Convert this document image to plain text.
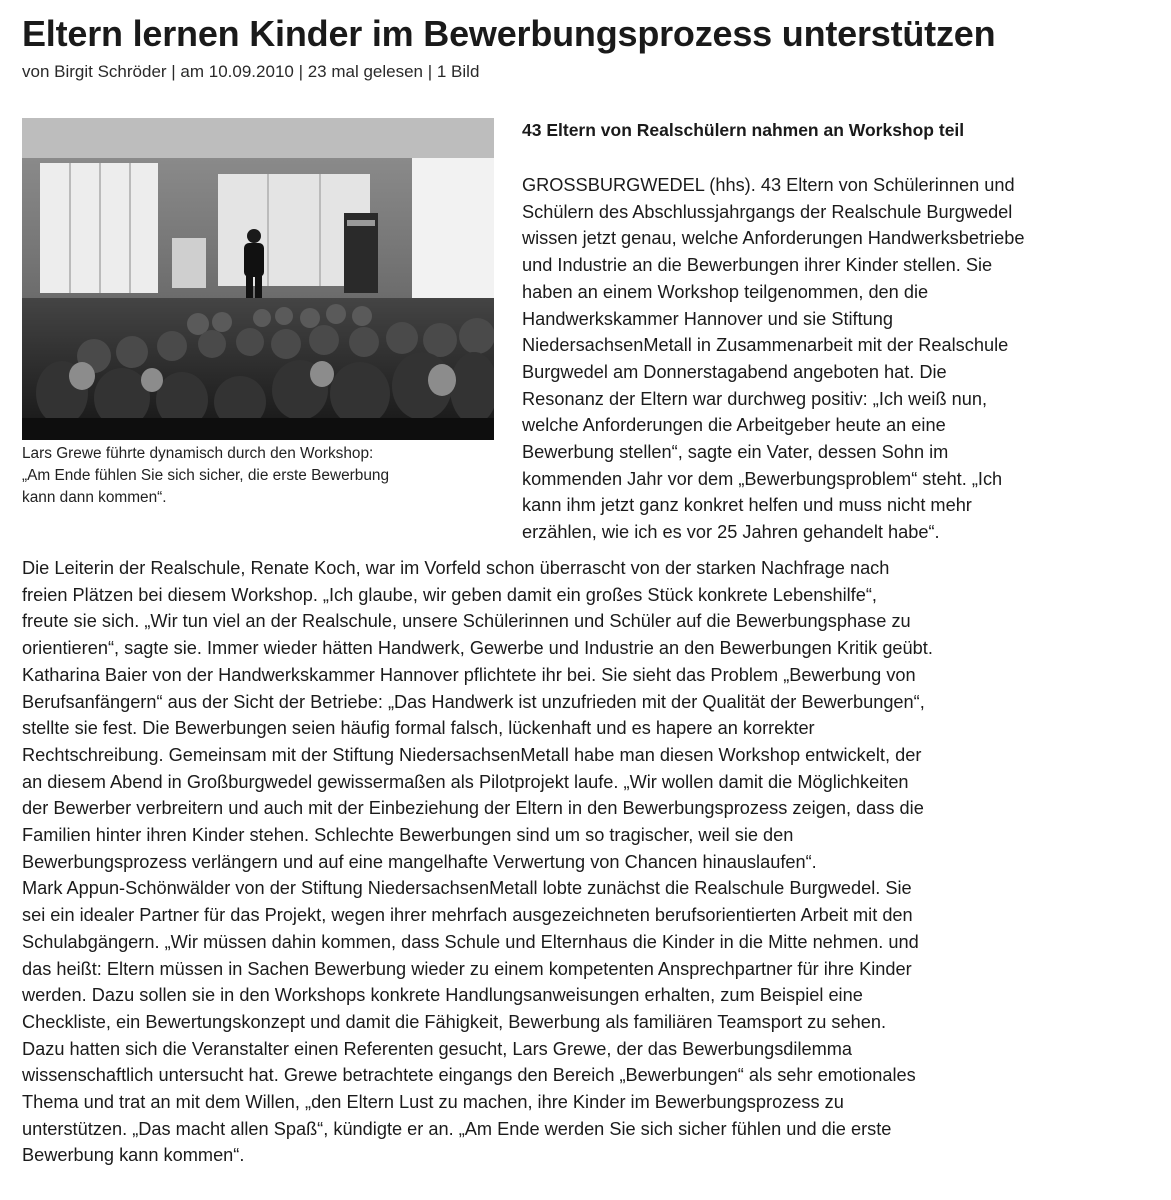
Eltern lernen Kinder im Bewerbungsprozess unterstützen
von Birgit Schröder | am 10.09.2010 | 23 mal gelesen | 1 Bild
Lars Grewe führte dynamisch durch den Workshop:
„Am Ende fühlen Sie sich sicher, die erste Bewerbung
kann dann kommen“.
43 Eltern von Realschülern nahmen an Workshop teil
GROSSBURGWEDEL (hhs). 43 Eltern von Schülerinnen und
Schülern des Abschlussjahrgangs der Realschule Burgwedel
wissen jetzt genau, welche Anforderungen Handwerksbetriebe
und Industrie an die Bewerbungen ihrer Kinder stellen. Sie
haben an einem Workshop teilgenommen, den die
Handwerkskammer Hannover und sie Stiftung
NiedersachsenMetall in Zusammenarbeit mit der Realschule
Burgwedel am Donnerstagabend angeboten hat. Die
Resonanz der Eltern war durchweg positiv: „Ich weiß nun,
welche Anforderungen die Arbeitgeber heute an eine
Bewerbung stellen“, sagte ein Vater, dessen Sohn im
kommenden Jahr vor dem „Bewerbungsproblem“ steht. „Ich
kann ihm jetzt ganz konkret helfen und muss nicht mehr
erzählen, wie ich es vor 25 Jahren gehandelt habe“.
Die Leiterin der Realschule, Renate Koch, war im Vorfeld schon überrascht von der starken Nachfrage nach
freien Plätzen bei diesem Workshop. „Ich glaube, wir geben damit ein großes Stück konkrete Lebenshilfe“,
freute sie sich. „Wir tun viel an der Realschule, unsere Schülerinnen und Schüler auf die Bewerbungsphase zu
orientieren“, sagte sie. Immer wieder hätten Handwerk, Gewerbe und Industrie an den Bewerbungen Kritik geübt.
Katharina Baier von der Handwerkskammer Hannover pflichtete ihr bei. Sie sieht das Problem „Bewerbung von
Berufsanfängern“ aus der Sicht der Betriebe: „Das Handwerk ist unzufrieden mit der Qualität der Bewerbungen“,
stellte sie fest. Die Bewerbungen seien häufig formal falsch, lückenhaft und es hapere an korrekter
Rechtschreibung. Gemeinsam mit der Stiftung NiedersachsenMetall habe man diesen Workshop entwickelt, der
an diesem Abend in Großburgwedel gewissermaßen als Pilotprojekt laufe. „Wir wollen damit die Möglichkeiten
der Bewerber verbreitern und auch mit der Einbeziehung der Eltern in den Bewerbungsprozess zeigen, dass die
Familien hinter ihren Kinder stehen. Schlechte Bewerbungen sind um so tragischer, weil sie den
Bewerbungsprozess verlängern und auf eine mangelhafte Verwertung von Chancen hinauslaufen“.
Mark Appun-Schönwälder von der Stiftung NiedersachsenMetall lobte zunächst die Realschule Burgwedel. Sie
sei ein idealer Partner für das Projekt, wegen ihrer mehrfach ausgezeichneten berufsorientierten Arbeit mit den
Schulabgängern. „Wir müssen dahin kommen, dass Schule und Elternhaus die Kinder in die Mitte nehmen. und
das heißt: Eltern müssen in Sachen Bewerbung wieder zu einem kompetenten Ansprechpartner für ihre Kinder
werden. Dazu sollen sie in den Workshops konkrete Handlungsanweisungen erhalten, zum Beispiel eine
Checkliste, ein Bewertungskonzept und damit die Fähigkeit, Bewerbung als familiären Teamsport zu sehen.
Dazu hatten sich die Veranstalter einen Referenten gesucht, Lars Grewe, der das Bewerbungsdilemma
wissenschaftlich untersucht hat. Grewe betrachtete eingangs den Bereich „Bewerbungen“ als sehr emotionales
Thema und trat an mit dem Willen, „den Eltern Lust zu machen, ihre Kinder im Bewerbungsprozess zu
unterstützen. „Das macht allen Spaß“, kündigte er an. „Am Ende werden Sie sich sicher fühlen und die erste
Bewerbung kann kommen“.
